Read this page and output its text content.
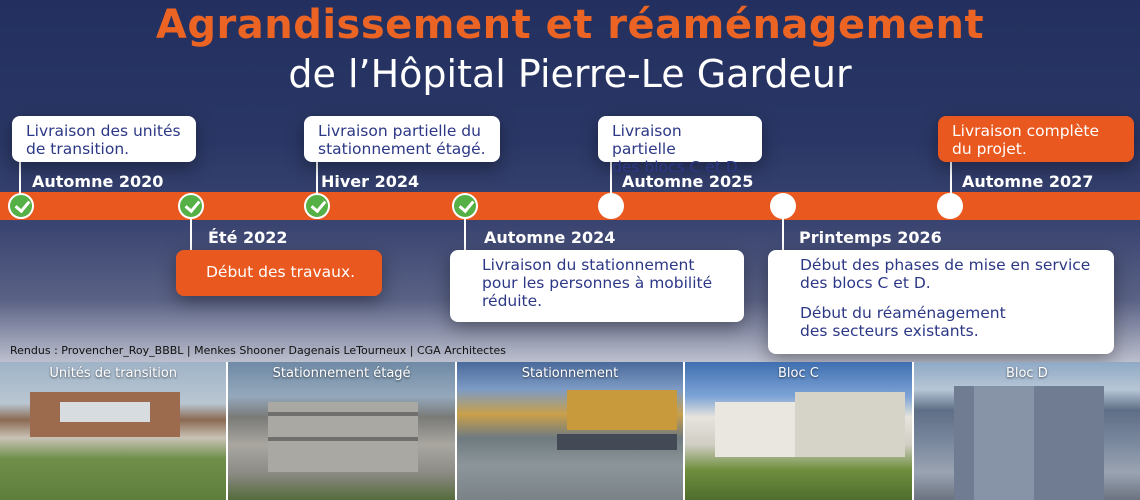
Agrandissement et réaménagement
de l’Hôpital Pierre-Le Gardeur
Livraison des unités
de transition.
Automne 2020
Livraison partielle du
stationnement étagé.
Hiver 2024
Livraison partielle
des blocs C et D.
Automne 2025
Livraison complète
du projet.
Automne 2027
Été 2022
Début des travaux.
Automne 2024
Livraison du stationnement
pour les personnes à mobilité
réduite.
Printemps 2026

Début des phases de mise en service
des blocs C et D.

Début du réaménagement
des secteurs existants.

Rendus : Provencher_Roy_BBBL | Menkes Shooner Dagenais LeTourneux | CGA Architectes
Unités de transition	Stationnement étagé	Stationnement	Bloc C	Bloc D
